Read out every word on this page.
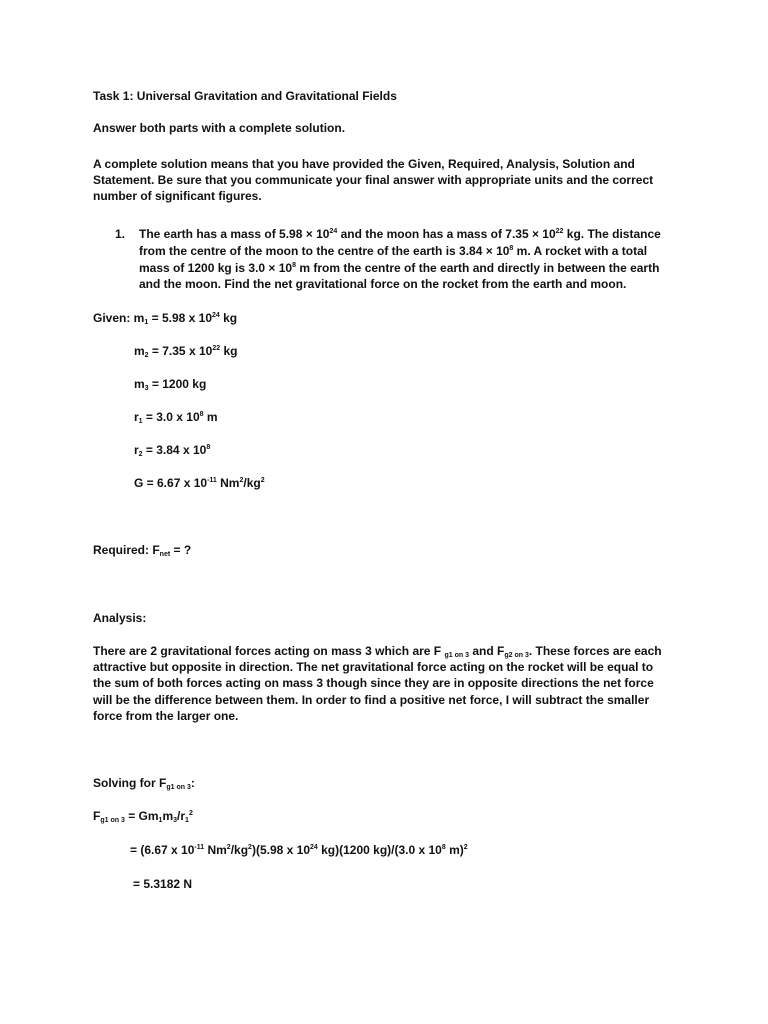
Task 1: Universal Gravitation and Gravitational Fields
Answer both parts with a complete solution.
A complete solution means that you have provided the Given, Required, Analysis, Solution and
Statement. Be sure that you communicate your final answer with appropriate units and the correct
number of significant figures.
1. The earth has a mass of $5.98 \times 10^{24}$ and the moon has a mass of $7.35 \times 10^{22}$ kg. The distance
from the centre of the moon to the centre of the earth is $3.84 \times 10^8$ m. A rocket with a total
mass of 1200 kg is $3.0 \times 10^8$ m from the centre of the earth and directly in between the earth
and the moon. Find the net gravitational force on the rocket from the earth and moon.
Given: $m_1 = 5.98$ x $10^{24}$ kg
$m_2 = 7.35$ x $10^{22}$ kg
$m_3 = 1200$ kg
$r_1 = 3.0$ x $10^8$ m
$r_2 = 3.84$ x $10^8$
G = 6.67 x $10^{-11}$ $Nm^2/kg^2$
Required: $F_{net}$ = ?
Analysis:
There are 2 gravitational forces acting on mass 3 which are F $_{g1 on 3}$ and $F_{g2 on 3}$. These forces are each
attractive but opposite in direction. The net gravitational force acting on the rocket will be equal to
the sum of both forces acting on mass 3 though since they are in opposite directions the net force
will be the difference between them. In order to find a positive net force, I will subtract the smaller
force from the larger one.
Solving for $F_{g1 on 3}$:
$F_{g1 on 3} = Gm_1m_3/r_1^2$
= (6.67 x $10^{-11}$ $Nm^2/kg^2)(5.98$ x $10^{24}$ kg)(1200 kg)/(3.0 x $10^8$ m)$^2$
= 5.3182 N
